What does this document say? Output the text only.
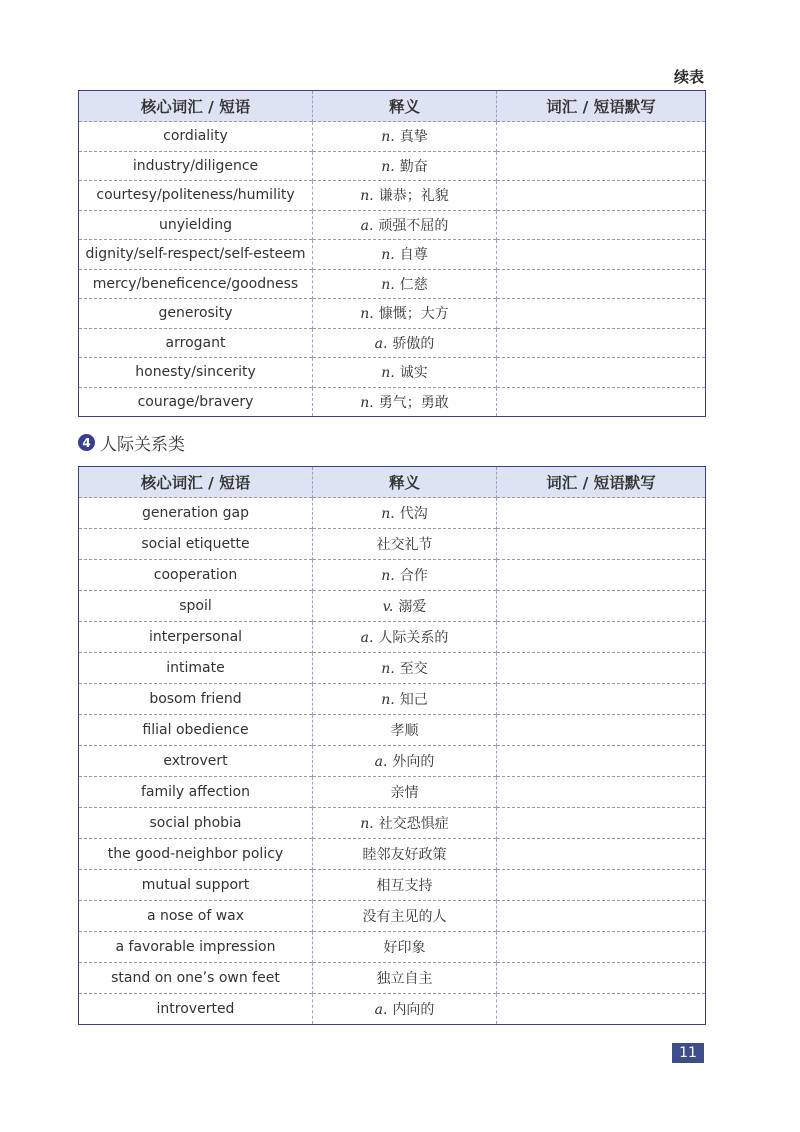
续表
核心词汇 / 短语	释义	词汇 / 短语默写
cordiality	n. 真挚	
industry/diligence	n. 勤奋	
courtesy/politeness/humility	n. 谦恭；礼貌	
unyielding	a. 顽强不屈的	
dignity/self-respect/self-esteem	n. 自尊	
mercy/beneficence/goodness	n. 仁慈	
generosity	n. 慷慨；大方	
arrogant	a. 骄傲的	
honesty/sincerity	n. 诚实	
courage/bravery	n. 勇气；勇敢	
4 人际关系类
核心词汇 / 短语	释义	词汇 / 短语默写
generation gap	n. 代沟	
social etiquette	社交礼节	
cooperation	n. 合作	
spoil	v. 溺爱	
interpersonal	a. 人际关系的	
intimate	n. 至交	
bosom friend	n. 知己	
filial obedience	孝顺	
extrovert	a. 外向的	
family affection	亲情	
social phobia	n. 社交恐惧症	
the good-neighbor policy	睦邻友好政策	
mutual support	相互支持	
a nose of wax	没有主见的人	
a favorable impression	好印象	
stand on one’s own feet	独立自主	
introverted	a. 内向的	
11
